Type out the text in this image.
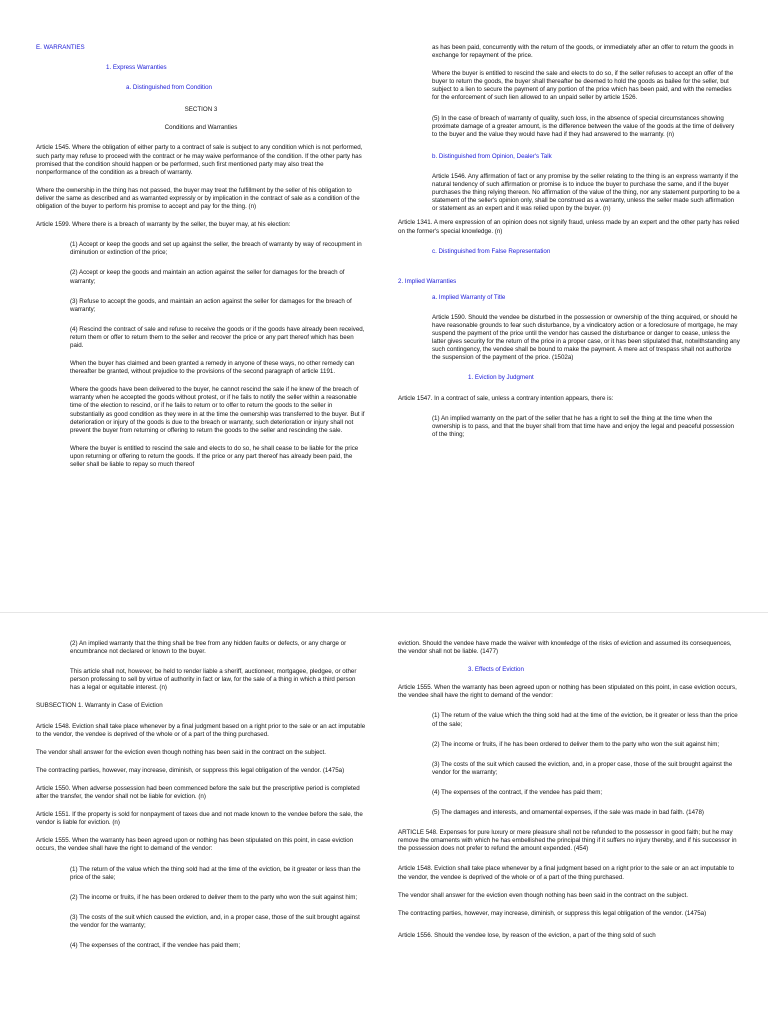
E. WARRANTIES

1. Express Warranties

a. Distinguished from Condition

SECTION 3

Conditions and Warranties

Article 1545. Where the obligation of either party to a contract of sale is subject to any condition which is not performed, such party may refuse to proceed with the contract or he may waive performance of the condition. If the other party has promised that the condition should happen or be performed, such first mentioned party may also treat the nonperformance of the condition as a breach of warranty.

Where the ownership in the thing has not passed, the buyer may treat the fulfillment by the seller of his obligation to deliver the same as described and as warranted expressly or by implication in the contract of sale as a condition of the obligation of the buyer to perform his promise to accept and pay for the thing. (n)

Article 1599. Where there is a breach of warranty by the seller, the buyer may, at his election:

(1) Accept or keep the goods and set up against the seller, the breach of warranty by way of recoupment in diminution or extinction of the price;

(2) Accept or keep the goods and maintain an action against the seller for damages for the breach of warranty;

(3) Refuse to accept the goods, and maintain an action against the seller for damages for the breach of warranty;

(4) Rescind the contract of sale and refuse to receive the goods or if the goods have already been received, return them or offer to return them to the seller and recover the price or any part thereof which has been paid.

When the buyer has claimed and been granted a remedy in anyone of these ways, no other remedy can thereafter be granted, without prejudice to the provisions of the second paragraph of article 1191.

Where the goods have been delivered to the buyer, he cannot rescind the sale if he knew of the breach of warranty when he accepted the goods without protest, or if he fails to notify the seller within a reasonable time of the election to rescind, or if he fails to return or to offer to return the goods to the seller in substantially as good condition as they were in at the time the ownership was transferred to the buyer. But if deterioration or injury of the goods is due to the breach or warranty, such deterioration or injury shall not prevent the buyer from returning or offering to return the goods to the seller and rescinding the sale.

Where the buyer is entitled to rescind the sale and elects to do so, he shall cease to be liable for the price upon returning or offering to return the goods. If the price or any part thereof has already been paid, the seller shall be liable to repay so much thereof

as has been paid, concurrently with the return of the goods, or immediately after an offer to return the goods in exchange for repayment of the price.

Where the buyer is entitled to rescind the sale and elects to do so, if the seller refuses to accept an offer of the buyer to return the goods, the buyer shall thereafter be deemed to hold the goods as bailee for the seller, but subject to a lien to secure the payment of any portion of the price which has been paid, and with the remedies for the enforcement of such lien allowed to an unpaid seller by article 1526.

(5) In the case of breach of warranty of quality, such loss, in the absence of special circumstances showing proximate damage of a greater amount, is the difference between the value of the goods at the time of delivery to the buyer and the value they would have had if they had answered to the warranty. (n)

b. Distinguished from Opinion, Dealer's Talk

Article 1546. Any affirmation of fact or any promise by the seller relating to the thing is an express warranty if the natural tendency of such affirmation or promise is to induce the buyer to purchase the same, and if the buyer purchases the thing relying thereon. No affirmation of the value of the thing, nor any statement purporting to be a statement of the seller's opinion only, shall be construed as a warranty, unless the seller made such affirmation or statement as an expert and it was relied upon by the buyer. (n)

Article 1341. A mere expression of an opinion does not signify fraud, unless made by an expert and the other party has relied on the former's special knowledge. (n)

c. Distinguished from False Representation

2. Implied Warranties

a. Implied Warranty of Title

Article 1590. Should the vendee be disturbed in the possession or ownership of the thing acquired, or should he have reasonable grounds to fear such disturbance, by a vindicatory action or a foreclosure of mortgage, he may suspend the payment of the price until the vendor has caused the disturbance or danger to cease, unless the latter gives security for the return of the price in a proper case, or it has been stipulated that, notwithstanding any such contingency, the vendee shall be bound to make the payment. A mere act of trespass shall not authorize the suspension of the payment of the price. (1502a)

1. Eviction by Judgment

Article 1547. In a contract of sale, unless a contrary intention appears, there is:

(1) An implied warranty on the part of the seller that he has a right to sell the thing at the time when the ownership is to pass, and that the buyer shall from that time have and enjoy the legal and peaceful possession of the thing;

(2) An implied warranty that the thing shall be free from any hidden faults or defects, or any charge or encumbrance not declared or known to the buyer.

This article shall not, however, be held to render liable a sheriff, auctioneer, mortgagee, pledgee, or other person professing to sell by virtue of authority in fact or law, for the sale of a thing in which a third person has a legal or equitable interest. (n)

SUBSECTION 1. Warranty in Case of Eviction

Article 1548. Eviction shall take place whenever by a final judgment based on a right prior to the sale or an act imputable to the vendor, the vendee is deprived of the whole or of a part of the thing purchased.

The vendor shall answer for the eviction even though nothing has been said in the contract on the subject.

The contracting parties, however, may increase, diminish, or suppress this legal obligation of the vendor. (1475a)

Article 1550. When adverse possession had been commenced before the sale but the prescriptive period is completed after the transfer, the vendor shall not be liable for eviction. (n)

Article 1551. If the property is sold for nonpayment of taxes due and not made known to the vendee before the sale, the vendor is liable for eviction. (n)

Article 1555. When the warranty has been agreed upon or nothing has been stipulated on this point, in case eviction occurs, the vendee shall have the right to demand of the vendor:

(1) The return of the value which the thing sold had at the time of the eviction, be it greater or less than the price of the sale;

(2) The income or fruits, if he has been ordered to deliver them to the party who won the suit against him;

(3) The costs of the suit which caused the eviction, and, in a proper case, those of the suit brought against the vendor for the warranty;

(4) The expenses of the contract, if the vendee has paid them;

eviction. Should the vendee have made the waiver with knowledge of the risks of eviction and assumed its consequences, the vendor shall not be liable. (1477)

3. Effects of Eviction

Article 1555. When the warranty has been agreed upon or nothing has been stipulated on this point, in case eviction occurs, the vendee shall have the right to demand of the vendor:

(1) The return of the value which the thing sold had at the time of the eviction, be it greater or less than the price of the sale;

(2) The income or fruits, if he has been ordered to deliver them to the party who won the suit against him;

(3) The costs of the suit which caused the eviction, and, in a proper case, those of the suit brought against the vendor for the warranty;

(4) The expenses of the contract, if the vendee has paid them;

(5) The damages and interests, and ornamental expenses, if the sale was made in bad faith. (1478)

ARTICLE 548. Expenses for pure luxury or mere pleasure shall not be refunded to the possessor in good faith; but he may remove the ornaments with which he has embellished the principal thing if it suffers no injury thereby, and if his successor in the possession does not prefer to refund the amount expended. (454)

Article 1548. Eviction shall take place whenever by a final judgment based on a right prior to the sale or an act imputable to the vendor, the vendee is deprived of the whole or of a part of the thing purchased.

The vendor shall answer for the eviction even though nothing has been said in the contract on the subject.

The contracting parties, however, may increase, diminish, or suppress this legal obligation of the vendor. (1475a)

Article 1556. Should the vendee lose, by reason of the eviction, a part of the thing sold of such
